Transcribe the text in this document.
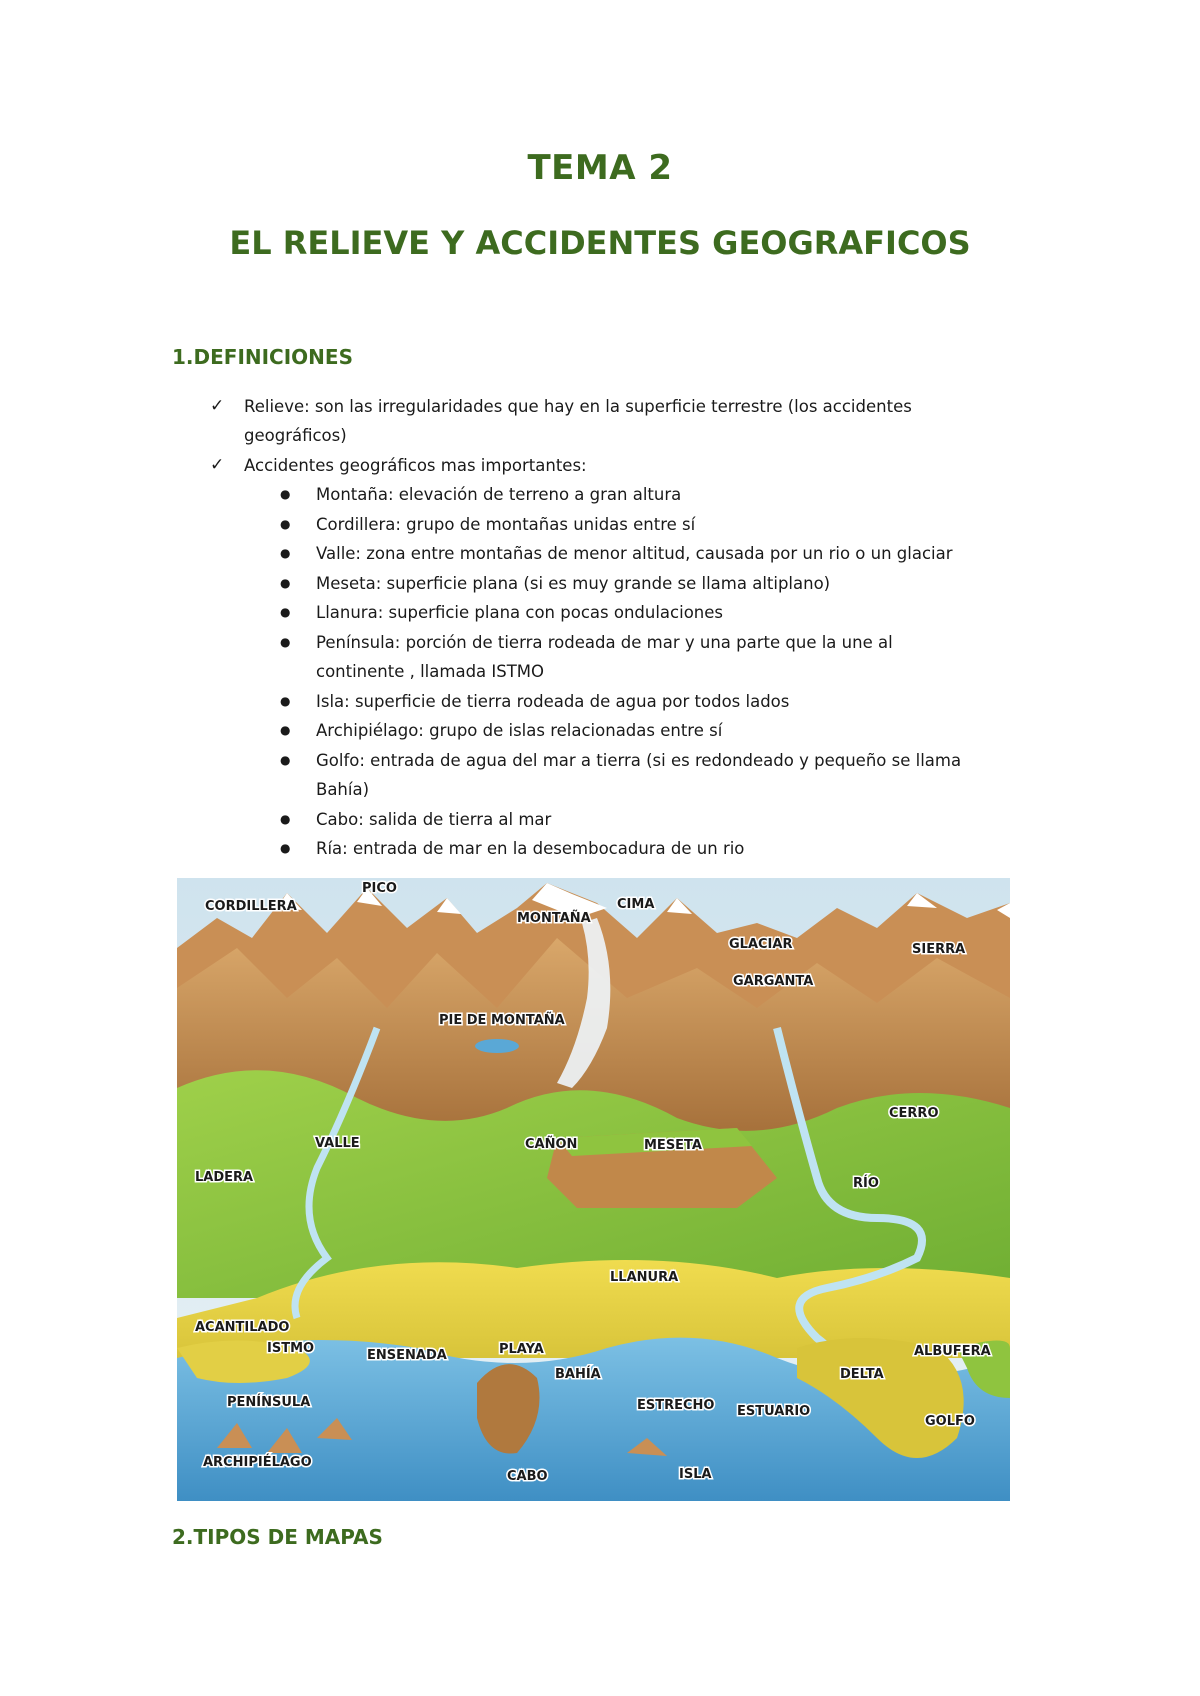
TEMA 2
EL RELIEVE Y ACCIDENTES GEOGRAFICOS
1.DEFINICIONES
✓	Relieve: son las irregularidades que hay en la superficie terrestre (los accidentes
geográficos)
✓	Accidentes geográficos mas importantes:
● Montaña: elevación de terreno a gran altura
● Cordillera: grupo de montañas unidas entre sí
● Valle: zona entre montañas de menor altitud, causada por un rio o un glaciar
● Meseta: superficie plana (si es muy grande se llama altiplano)
● Llanura: superficie plana con pocas ondulaciones
● Península: porción de tierra rodeada de mar y una parte que la une al
continente , llamada ISTMO
● Isla: superficie de tierra rodeada de agua por todos lados
● Archipiélago: grupo de islas relacionadas entre sí
● Golfo: entrada de agua del mar a tierra (si es redondeado y pequeño se llama
Bahía)
● Cabo: salida de tierra al mar
● Ría: entrada de mar en la desembocadura de un rio
CORDILLERA
PICO
MONTAÑA
CIMA
GLACIAR	SIERRA
GARGANTA
PIE DE MONTAÑA
CERRO
VALLE	CAÑON	MESETA
LADERA	RÍO
LLANURA
ACANTILADO
ISTMO	ENSENADA	PLAYA	ALBUFERA
BAHÍA	DELTA
PENÍNSULA	ESTRECHO ESTUARIO
GOLFO
ARCHIPIÉLAGO
CABO	ISLA
2.TIPOS DE MAPAS
